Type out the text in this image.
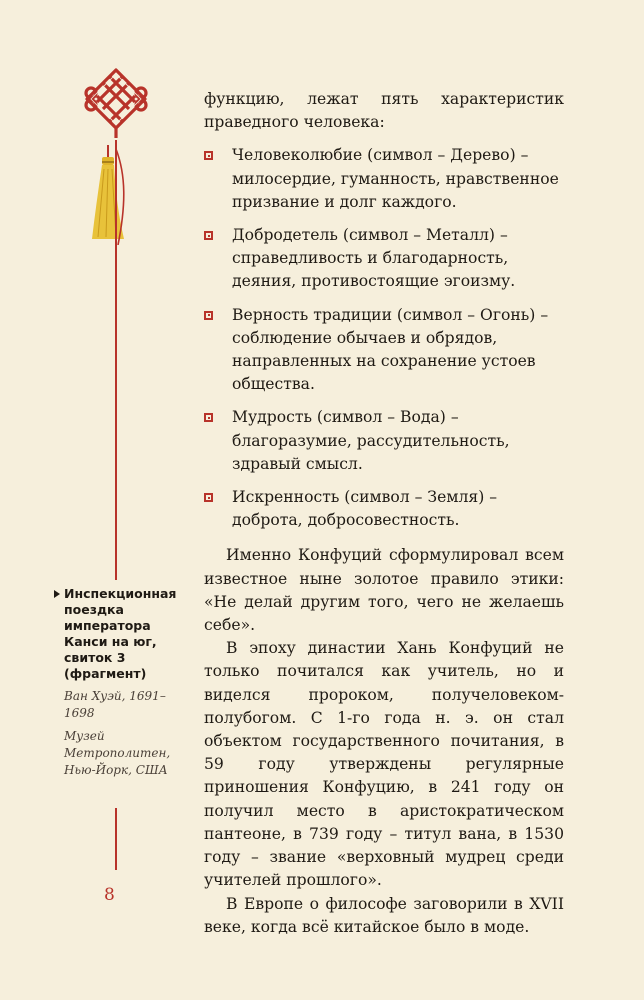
Инспекционная поездка императора Канси на юг, свиток 3 (фрагмент)

Ван Хуэй, 1691–1698

Музей Метрополитен, Нью-Йорк, США

8

функцию, лежат пять характеристик праведного человека:

Человеколюбие (символ – Дерево) – милосердие, гуманность, нравственное призвание и долг каждого.
Добродетель (символ – Металл) – справедливость и благодарность, деяния, противостоящие эгоизму.
Верность традиции (символ – Огонь) – соблюдение обычаев и обрядов, направленных на сохранение устоев общества.
Мудрость (символ – Вода) – благоразумие, рассудительность, здравый смысл.
Искренность (символ – Земля) – доброта, добросовестность.

Именно Конфуций сформулировал всем известное ныне золотое правило этики: «Не делай другим того, чего не желаешь себе».

В эпоху династии Хань Конфуций не только почитался как учитель, но и виделся пророком, получеловеком-полубогом. С 1-го года н. э. он стал объектом государственного почитания, в 59 году утверждены регулярные приношения Конфуцию, в 241 году он получил место в аристократическом пантеоне, в 739 году – титул вана, в 1530 году – звание «верховный мудрец среди учителей прошлого».

В Европе о философе заговорили в XVII веке, когда всё китайское было в моде.
